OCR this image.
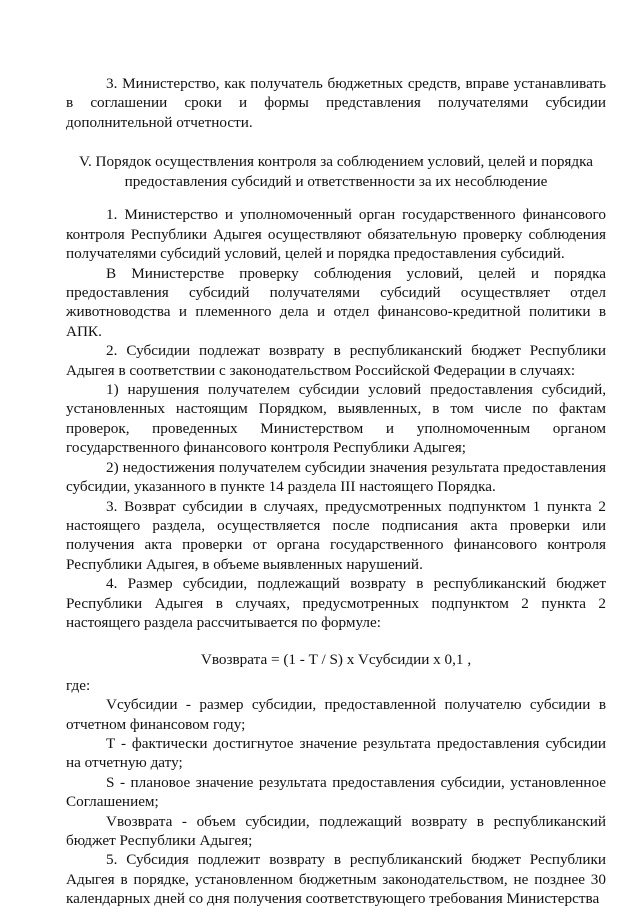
3. Министерство, как получатель бюджетных средств, вправе устанавливать в соглашении сроки и формы представления получателями субсидии дополнительной отчетности.

V. Порядок осуществления контроля за соблюдением условий, целей и порядка предоставления субсидий и ответственности за их несоблюдение

1. Министерство и уполномоченный орган государственного финансового контроля Республики Адыгея осуществляют обязательную проверку соблюдения получателями субсидий условий, целей и порядка предоставления субсидий.

В Министерстве проверку соблюдения условий, целей и порядка предоставления субсидий получателями субсидий осуществляет отдел животноводства и племенного дела и отдел финансово-кредитной политики в АПК.

2. Субсидии подлежат возврату в республиканский бюджет Республики Адыгея в соответствии с законодательством Российской Федерации в случаях:

1) нарушения получателем субсидии условий предоставления субсидий, установленных настоящим Порядком, выявленных, в том числе по фактам проверок, проведенных Министерством и уполномоченным органом государственного финансового контроля Республики Адыгея;

2) недостижения получателем субсидии значения результата предоставления субсидии, указанного в пункте 14 раздела III настоящего Порядка.

3. Возврат субсидии в случаях, предусмотренных подпунктом 1 пункта 2 настоящего раздела, осуществляется после подписания акта проверки или получения акта проверки от органа государственного финансового контроля Республики Адыгея, в объеме выявленных нарушений.

4. Размер субсидии, подлежащий возврату в республиканский бюджет Республики Адыгея в случаях, предусмотренных подпунктом 2 пункта 2 настоящего раздела рассчитывается по формуле:

Vвозврата = (1 - T / S) x Vсубсидии x 0,1 ,

где:

Vсубсидии - размер субсидии, предоставленной получателю субсидии в отчетном финансовом году;

T - фактически достигнутое значение результата предоставления субсидии на отчетную дату;

S - плановое значение результата предоставления субсидии, установленное Соглашением;

Vвозврата - объем субсидии, подлежащий возврату в республиканский бюджет Республики Адыгея;

5. Субсидия подлежит возврату в республиканский бюджет Республики Адыгея в порядке, установленном бюджетным законодательством, не позднее 30 календарных дней со дня получения соответствующего требования Министерства
